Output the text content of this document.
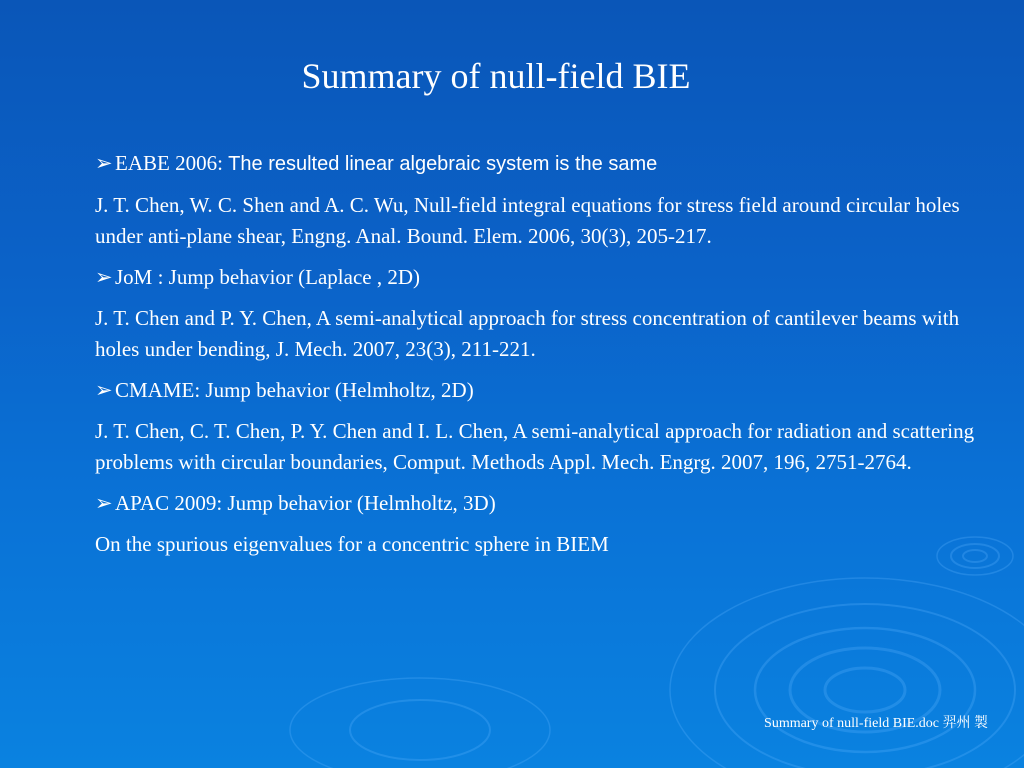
Summary of null-field BIE

➢ EABE 2006: The resulted linear algebraic system is the same

J. T. Chen, W. C. Shen and A. C. Wu, Null-field integral equations for stress field around circular holes under anti-plane shear, Engng. Anal. Bound. Elem. 2006, 30(3), 205-217.

➢ JoM : Jump behavior (Laplace , 2D)

J. T. Chen and P. Y. Chen, A semi-analytical approach for stress concentration of cantilever beams with holes under bending, J. Mech. 2007, 23(3), 211-221.

➢ CMAME: Jump behavior (Helmholtz, 2D)

J. T. Chen, C. T. Chen, P. Y. Chen and I. L. Chen, A semi-analytical approach for radiation and scattering problems with circular boundaries, Comput. Methods Appl. Mech. Engrg. 2007, 196, 2751-2764.

➢ APAC 2009: Jump behavior (Helmholtz, 3D)

On the spurious eigenvalues for a concentric sphere in BIEM

Summary of null-field BIE.doc 羿州 製
